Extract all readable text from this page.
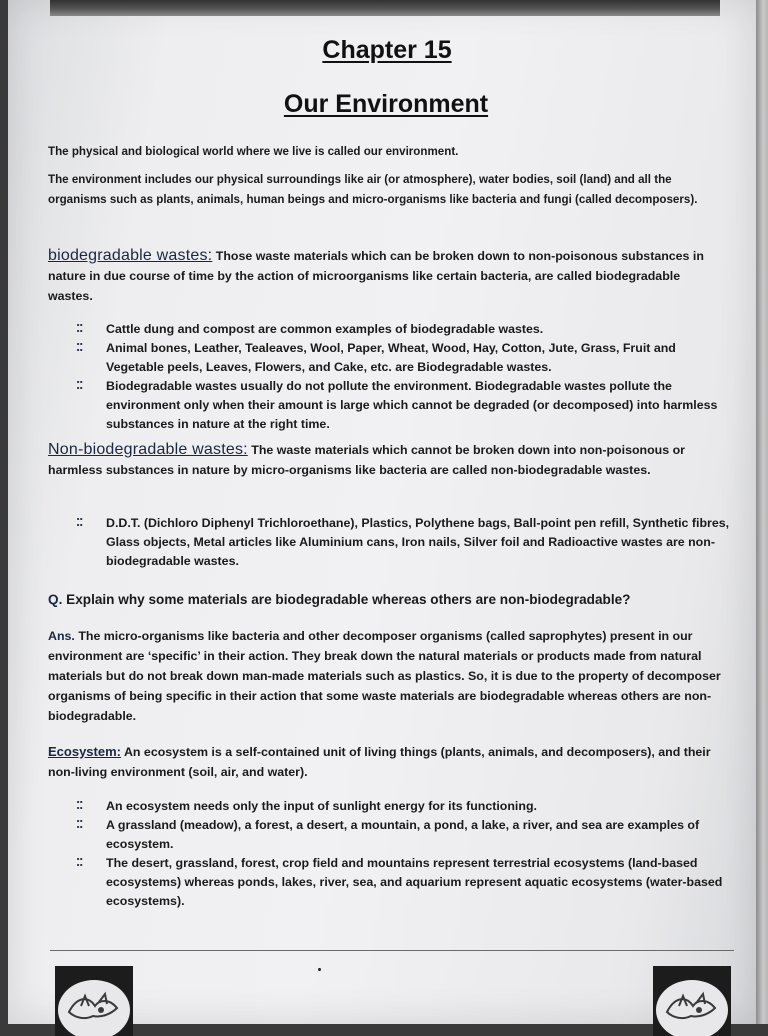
Chapter 15
Our Environment
The physical and biological world where we live is called our environment.
The environment includes our physical surroundings like air (or atmosphere), water bodies, soil (land) and all the organisms such as plants, animals, human beings and micro-organisms like bacteria and fungi (called decomposers).
biodegradable wastes: Those waste materials which can be broken down to non-poisonous substances in nature in due course of time by the action of microorganisms like certain bacteria, are called biodegradable wastes.
⁚⁚ Cattle dung and compost are common examples of biodegradable wastes.
⁚⁚ Animal bones, Leather, Tealeaves, Wool, Paper, Wheat, Wood, Hay, Cotton, Jute, Grass, Fruit and Vegetable peels, Leaves, Flowers, and Cake, etc. are Biodegradable wastes.
⁚⁚ Biodegradable wastes usually do not pollute the environment. Biodegradable wastes pollute the environment only when their amount is large which cannot be degraded (or decomposed) into harmless substances in nature at the right time.
Non-biodegradable wastes: The waste materials which cannot be broken down into non-poisonous or harmless substances in nature by micro-organisms like bacteria are called non-biodegradable wastes.
⁚⁚ D.D.T. (Dichloro Diphenyl Trichloroethane), Plastics, Polythene bags, Ball-point pen refill, Synthetic fibres, Glass objects, Metal articles like Aluminium cans, Iron nails, Silver foil and Radioactive wastes are non-biodegradable wastes.
Q. Explain why some materials are biodegradable whereas others are non-biodegradable?
Ans. The micro-organisms like bacteria and other decomposer organisms (called saprophytes) present in our environment are ‘specific’ in their action. They break down the natural materials or products made from natural materials but do not break down man-made materials such as plastics. So, it is due to the property of decomposer organisms of being specific in their action that some waste materials are biodegradable whereas others are non-biodegradable.
Ecosystem: An ecosystem is a self-contained unit of living things (plants, animals, and decomposers), and their non-living environment (soil, air, and water).
⁚⁚ An ecosystem needs only the input of sunlight energy for its functioning.
⁚⁚ A grassland (meadow), a forest, a desert, a mountain, a pond, a lake, a river, and sea are examples of ecosystem.
⁚⁚ The desert, grassland, forest, crop field and mountains represent terrestrial ecosystems (land-based ecosystems) whereas ponds, lakes, river, sea, and aquarium represent aquatic ecosystems (water-based ecosystems).
